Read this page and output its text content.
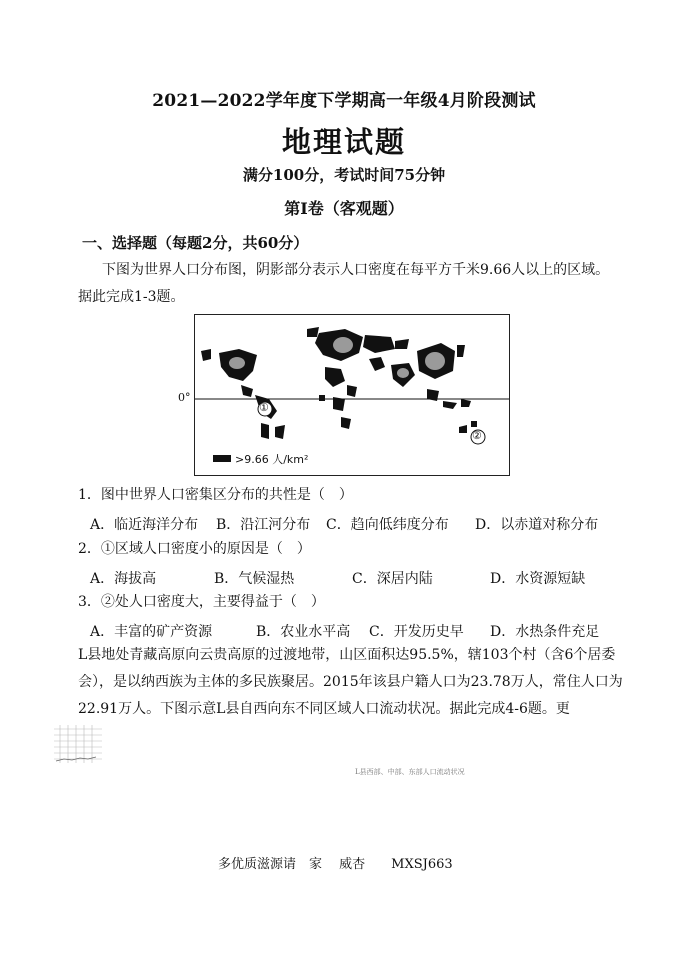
2021—2022学年度下学期高一年级4月阶段测试
地理试题
满分100分，考试时间75分钟
第I卷（客观题）
一、选择题（每题2分，共60分）
下图为世界人口分布图，阴影部分表示人口密度在每平方千米9.66人以上的区域。据此完成1-3题。
0°
①
②
>9.66 人/km²
1．图中世界人口密集区分布的共性是（　）
A．临近海洋分布 B．沿江河分布 C．趋向低纬度分布 D．以赤道对称分布
2．①区域人口密度小的原因是（　）
A．海拔高	B．气候湿热	C．深居内陆	D．水资源短缺
3．②处人口密度大，主要得益于（　）
A．丰富的矿产资源	B．农业水平高 C．开发历史早 D．水热条件充足
L县地处青藏高原向云贵高原的过渡地带，山区面积达95.5%，辖103个村（含6个居委会），是以纳西族为主体的多民族聚居。2015年该县户籍人口为23.78万人，常住人口为22.91万人。下图示意L县自西向东不同区域人口流动状况。据此完成4-6题。更
L县西部、中部、东部人口流动状况
多优质滋源请　家　 威杏　　MXSJ663
